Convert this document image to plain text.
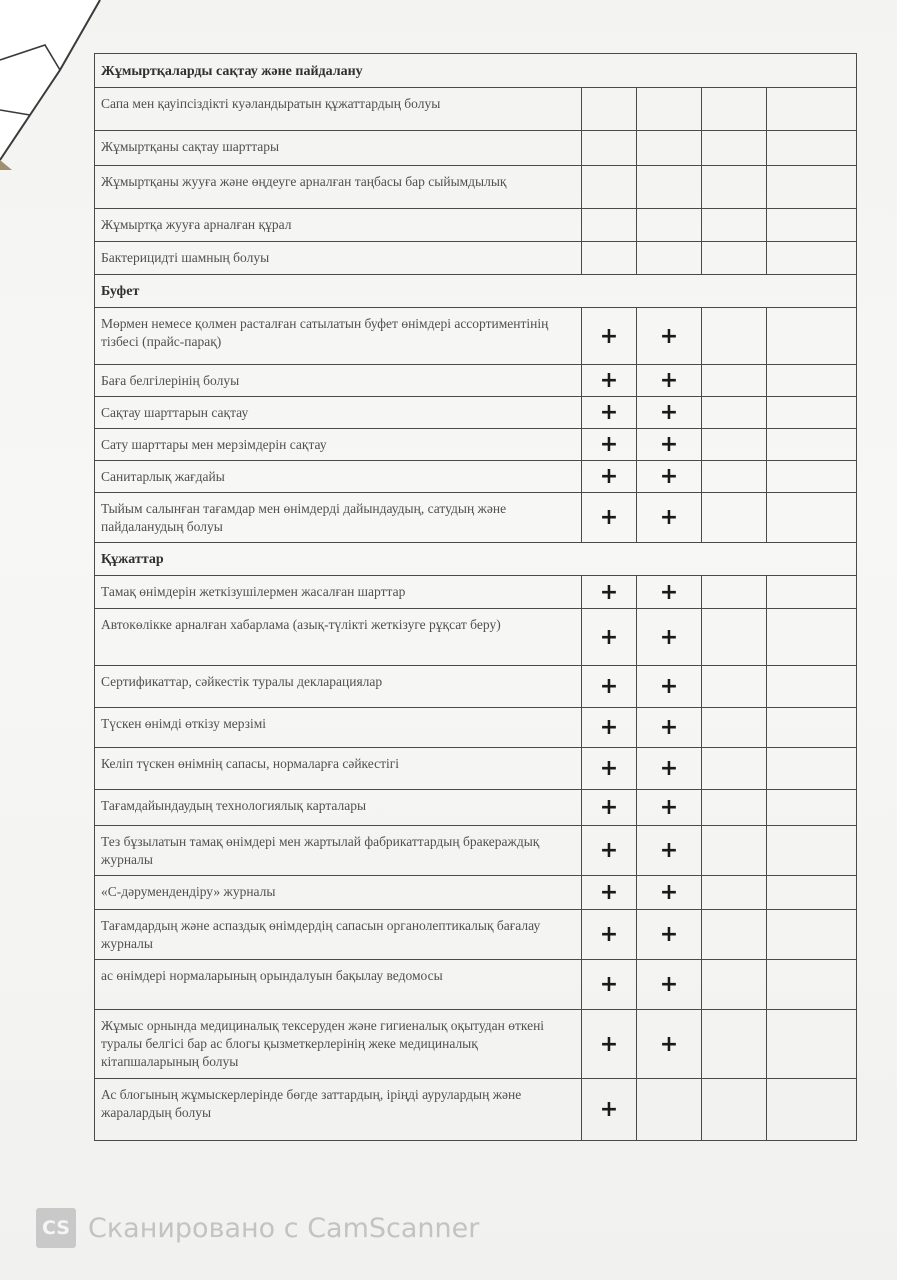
Жұмыртқаларды сақтау және пайдалану				

Сапа мен қауіпсіздікті куәландыратын құжаттардың болуы				

Жұмыртқаны сақтау шарттары				

Жұмыртқаны жууға және өңдеуге арналған таңбасы бар сыйымдылық				

Жұмыртқа жууға арналған құрал				

Бактерицидті шамның болуы				

Буфет				

Мөрмен немесе қолмен расталған сатылатын буфет өнімдері ассортиментінің тізбесі (прайс-парақ)	+	+		

Баға белгілерінің болуы	+	+		

Сақтау шарттарын сақтау	+	+		

Сату шарттары мен мерзімдерін сақтау	+	+		

Санитарлық жағдайы	+	+		

Тыйым салынған тағамдар мен өнімдерді дайындаудың, сатудың және пайдаланудың болуы	+	+		
Құжаттар				

Тамақ өнімдерін жеткізушілермен жасалған шарттар	+	+		

Автокөлікке арналған хабарлама (азық-түлікті жеткізуге рұқсат беру)	+	+		

Сертификаттар, сәйкестік туралы декларациялар	+	+		

Түскен өнімді өткізу мерзімі	+	+		

Келіп түскен өнімнің сапасы, нормаларға сәйкестігі	+	+		

Тағамдайындаудың технологиялық карталары	+	+		

Тез бұзылатын тамақ өнімдері мен жартылай фабрикаттардың бракераждық журналы	+	+		

«С-дәрумендендіру» журналы	+	+		

Тағамдардың және аспаздық өнімдердің сапасын органолептикалық бағалау журналы	+	+		

ас өнімдері нормаларының орындалуын бақылау ведомосы	+	+		

Жұмыс орнында медициналық тексеруден және гигиеналық оқытудан өткені туралы белгісі бар ас блогы қызметкерлерінің жеке медициналық кітапшаларының болуы	+	+		

Ас блогының жұмыскерлерінде бөгде заттардың, іріңді аурулардың және жаралардың болуы	+			
CS Сканировано с CamScanner
